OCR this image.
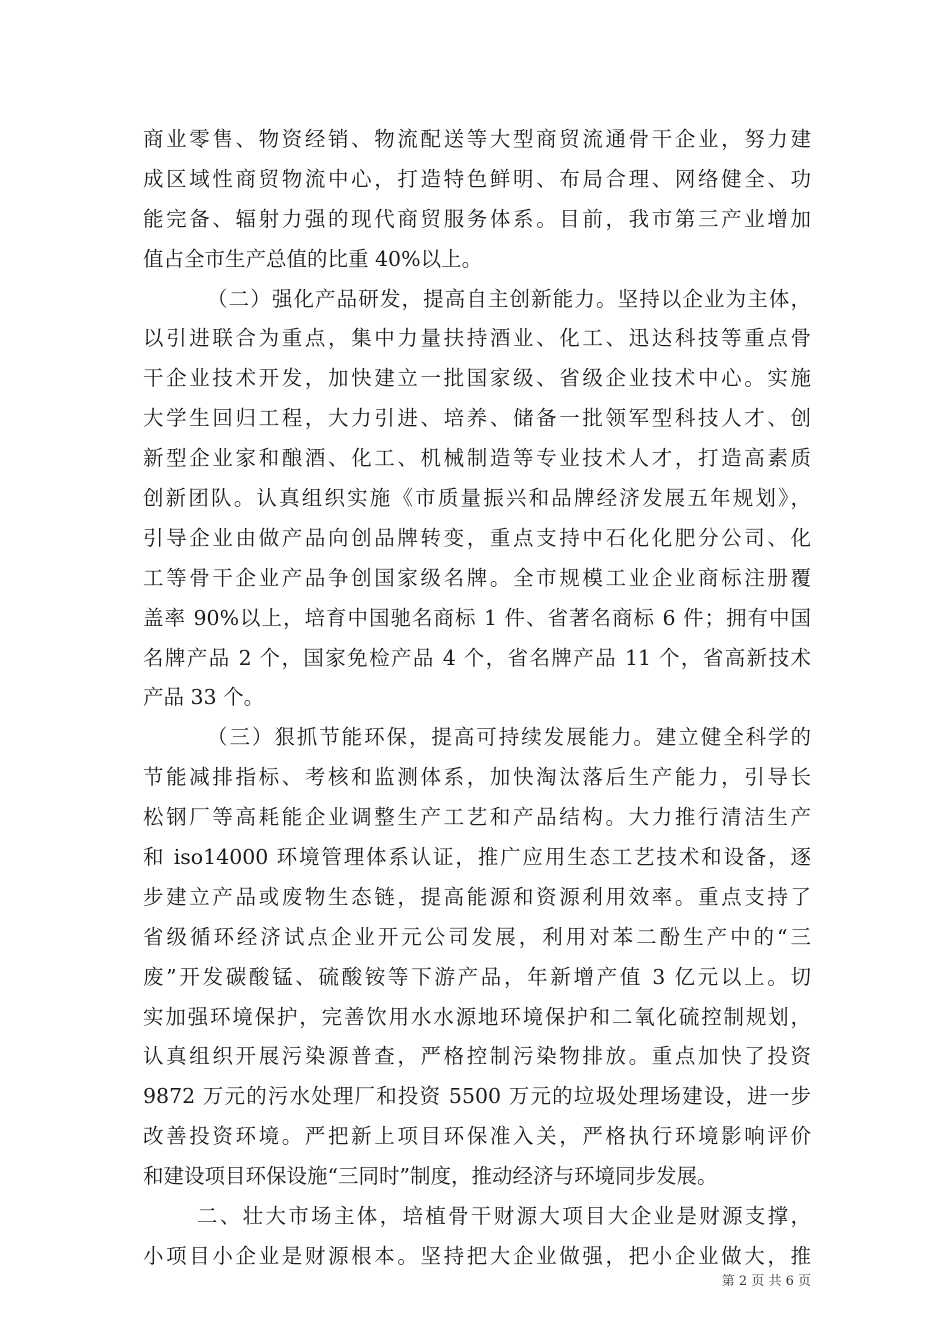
商业零售、物资经销、物流配送等大型商贸流通骨干企业，努力建
成区域性商贸物流中心，打造特色鲜明、布局合理、网络健全、功
能完备、辐射力强的现代商贸服务体系。目前，我市第三产业增加
值占全市生产总值的比重 40%以上。
（二）强化产品研发，提高自主创新能力。坚持以企业为主体，
以引进联合为重点，集中力量扶持酒业、化工、迅达科技等重点骨
干企业技术开发，加快建立一批国家级、省级企业技术中心。实施
大学生回归工程，大力引进、培养、储备一批领军型科技人才、创
新型企业家和酿酒、化工、机械制造等专业技术人才，打造高素质
创新团队。认真组织实施《市质量振兴和品牌经济发展五年规划》，
引导企业由做产品向创品牌转变，重点支持中石化化肥分公司、化
工等骨干企业产品争创国家级名牌。全市规模工业企业商标注册覆
盖率 90%以上，培育中国驰名商标 1 件、省著名商标 6 件；拥有中国
名牌产品 2 个，国家免检产品 4 个，省名牌产品 11 个，省高新技术
产品 33 个。
（三）狠抓节能环保，提高可持续发展能力。建立健全科学的
节能减排指标、考核和监测体系，加快淘汰落后生产能力，引导长
松钢厂等高耗能企业调整生产工艺和产品结构。大力推行清洁生产
和 iso14000 环境管理体系认证，推广应用生态工艺技术和设备，逐
步建立产品或废物生态链，提高能源和资源利用效率。重点支持了
省级循环经济试点企业开元公司发展，利用对苯二酚生产中的“三
废”开发碳酸锰、硫酸铵等下游产品，年新增产值 3 亿元以上。切
实加强环境保护，完善饮用水水源地环境保护和二氧化硫控制规划，
认真组织开展污染源普查，严格控制污染物排放。重点加快了投资
9872 万元的污水处理厂和投资 5500 万元的垃圾处理场建设，进一步
改善投资环境。严把新上项目环保准入关，严格执行环境影响评价
和建设项目环保设施“三同时”制度，推动经济与环境同步发展。
二、壮大市场主体，培植骨干财源大项目大企业是财源支撑，
小项目小企业是财源根本。坚持把大企业做强，把小企业做大，推
第 2 页 共 6 页
